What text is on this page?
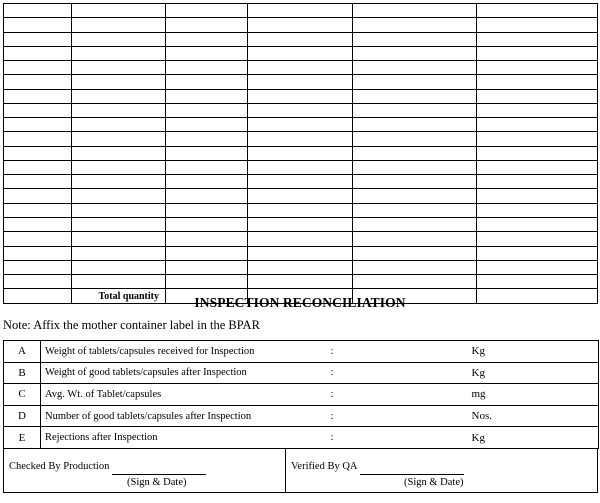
	Total quantity					INSPECTION RECONCILIATION
Note: Affix the mother container label in the BPAR
A	Weight of tablets/capsules received for Inspection	:	Kg
B	Weight of good tablets/capsules after Inspection	:	Kg
C	Avg. Wt. of Tablet/capsules	:	mg
D	Number of good tablets/capsules after Inspection	:	Nos.
E	Rejections after Inspection	:	Kg
Checked By Production
(Sign & Date)
Verified By QA
(Sign & Date)
